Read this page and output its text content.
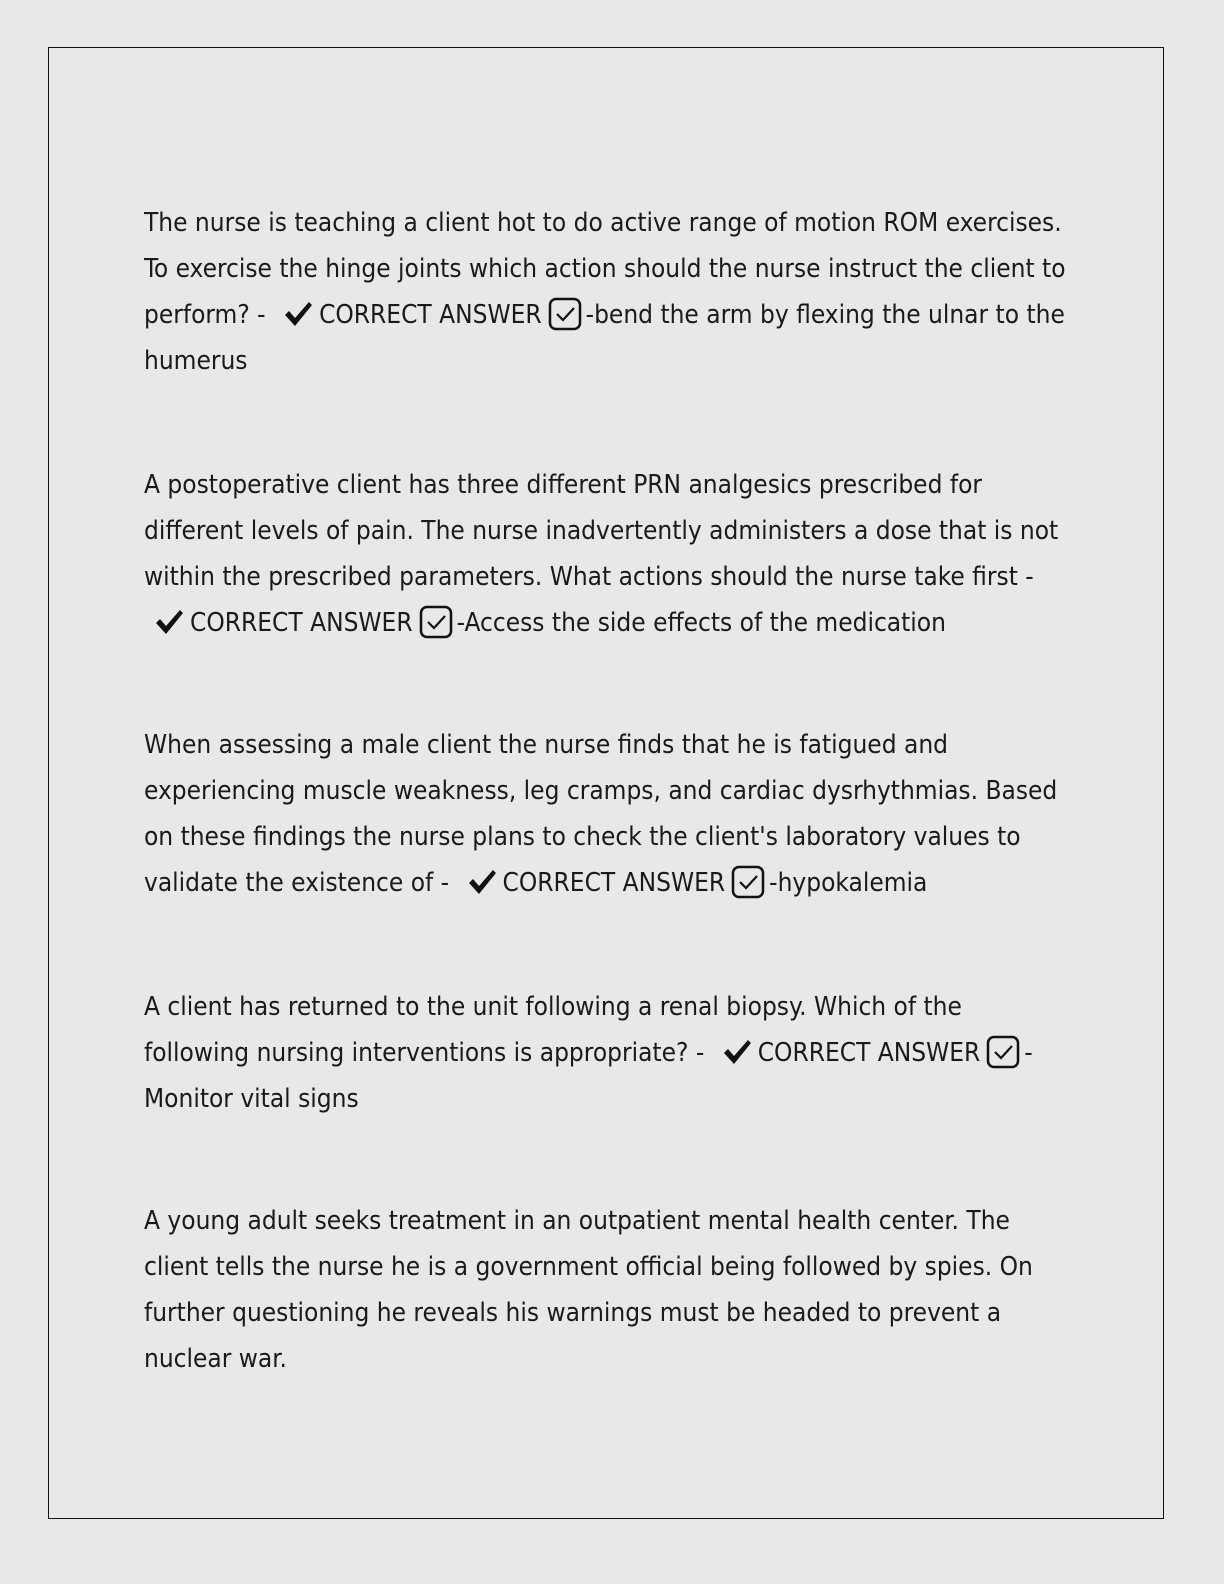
The nurse is teaching a client hot to do active range of motion ROM exercises. To exercise the hinge joints which action should the nurse instruct the client to perform? - CORRECT ANSWER -bend the arm by flexing the ulnar to the humerus

A postoperative client has three different PRN analgesics prescribed for different levels of pain. The nurse inadvertently administers a dose that is not within the prescribed parameters. What actions should the nurse take first - CORRECT ANSWER -Access the side effects of the medication

When assessing a male client the nurse finds that he is fatigued and experiencing muscle weakness, leg cramps, and cardiac dysrhythmias. Based on these findings the nurse plans to check the client's laboratory values to validate the existence of - CORRECT ANSWER -hypokalemia

A client has returned to the unit following a renal biopsy. Which of the following nursing interventions is appropriate? - CORRECT ANSWER -Monitor vital signs

A young adult seeks treatment in an outpatient mental health center. The client tells the nurse he is a government official being followed by spies. On further questioning he reveals his warnings must be headed to prevent a nuclear war.
